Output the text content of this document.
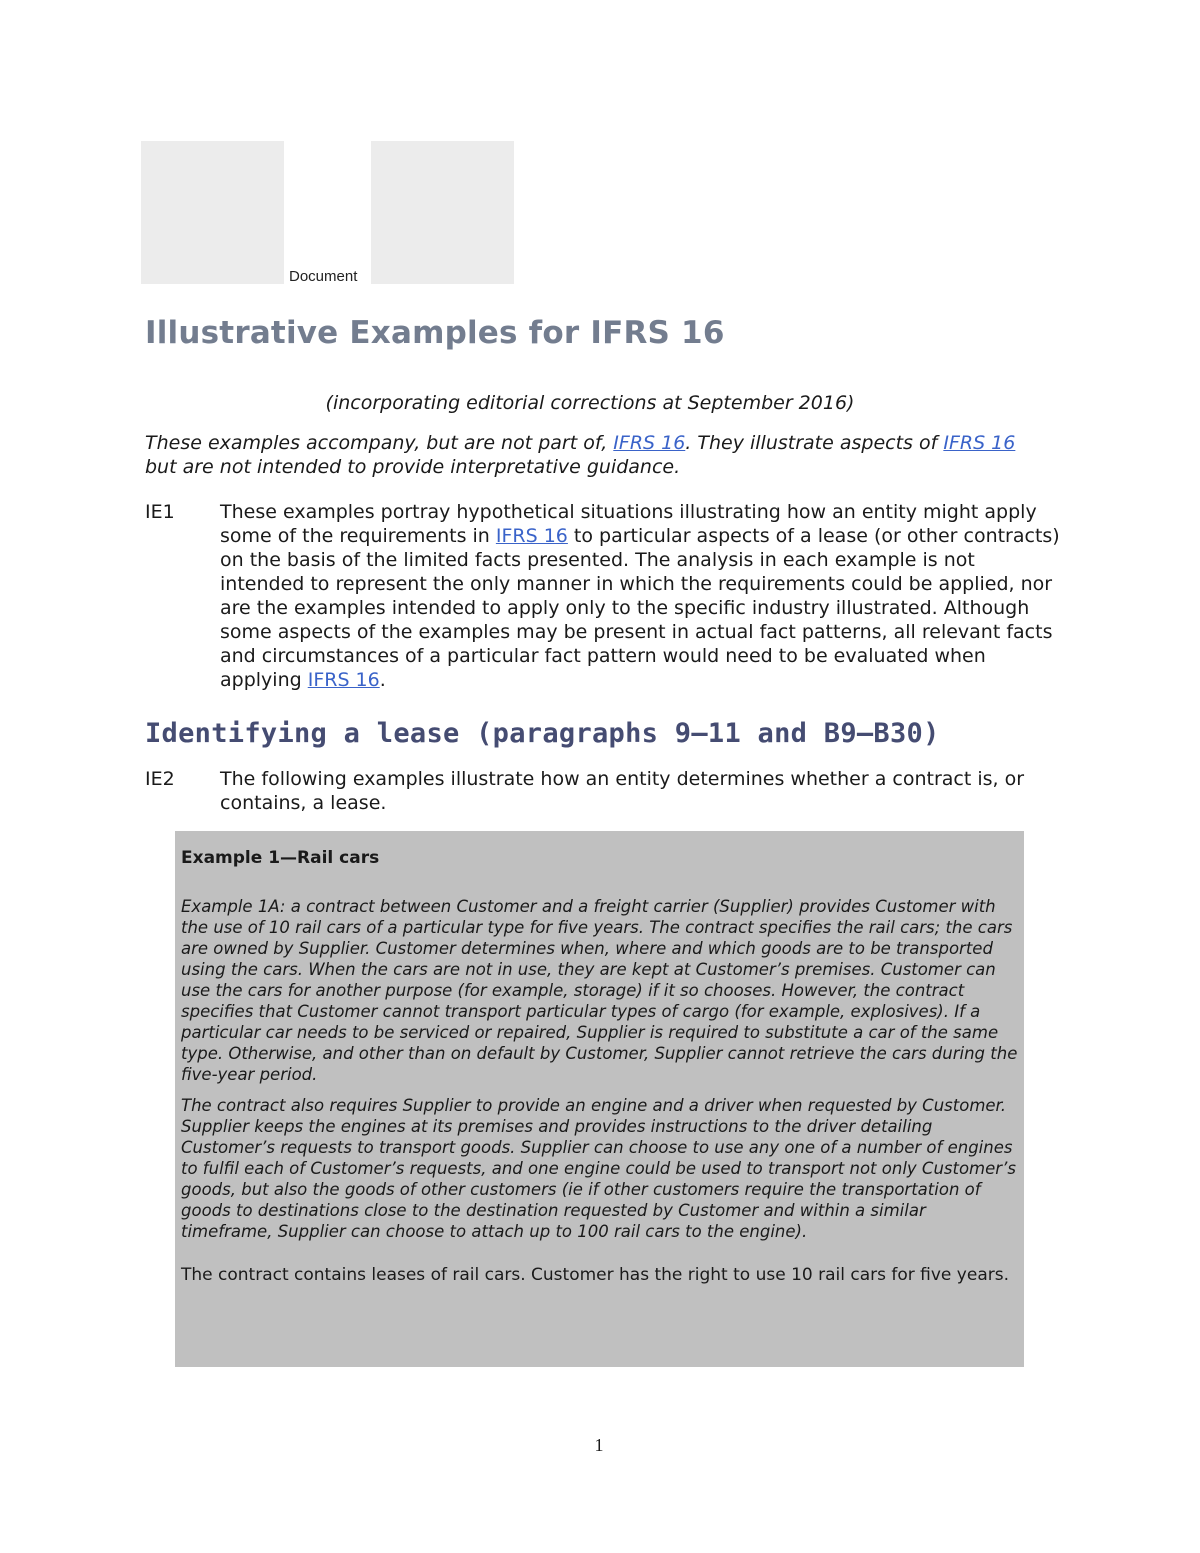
Document
Illustrative Examples for IFRS 16
(incorporating editorial corrections at September 2016)
These examples accompany, but are not part of, IFRS 16. They illustrate aspects of IFRS 16 but are not intended to provide interpretative guidance.
IE1 These examples portray hypothetical situations illustrating how an entity might apply some of the requirements in IFRS 16 to particular aspects of a lease (or other contracts) on the basis of the limited facts presented. The analysis in each example is not intended to represent the only manner in which the requirements could be applied, nor are the examples intended to apply only to the specific industry illustrated. Although some aspects of the examples may be present in actual fact patterns, all relevant facts and circumstances of a particular fact pattern would need to be evaluated when applying IFRS 16.
Identifying a lease (paragraphs 9–11 and B9–B30)
IE2 The following examples illustrate how an entity determines whether a contract is, or contains, a lease.
Example 1—Rail cars

Example 1A: a contract between Customer and a freight carrier (Supplier) provides Customer with the use of 10 rail cars of a particular type for five years. The contract specifies the rail cars; the cars are owned by Supplier. Customer determines when, where and which goods are to be transported using the cars. When the cars are not in use, they are kept at Customer’s premises. Customer can use the cars for another purpose (for example, storage) if it so chooses. However, the contract specifies that Customer cannot transport particular types of cargo (for example, explosives). If a particular car needs to be serviced or repaired, Supplier is required to substitute a car of the same type. Otherwise, and other than on default by Customer, Supplier cannot retrieve the cars during the five-year period.

The contract also requires Supplier to provide an engine and a driver when requested by Customer. Supplier keeps the engines at its premises and provides instructions to the driver detailing Customer’s requests to transport goods. Supplier can choose to use any one of a number of engines to fulfil each of Customer’s requests, and one engine could be used to transport not only Customer’s goods, but also the goods of other customers (ie if other customers require the transportation of goods to destinations close to the destination requested by Customer and within a similar timeframe, Supplier can choose to attach up to 100 rail cars to the engine).

The contract contains leases of rail cars. Customer has the right to use 10 rail cars for five years.

1
